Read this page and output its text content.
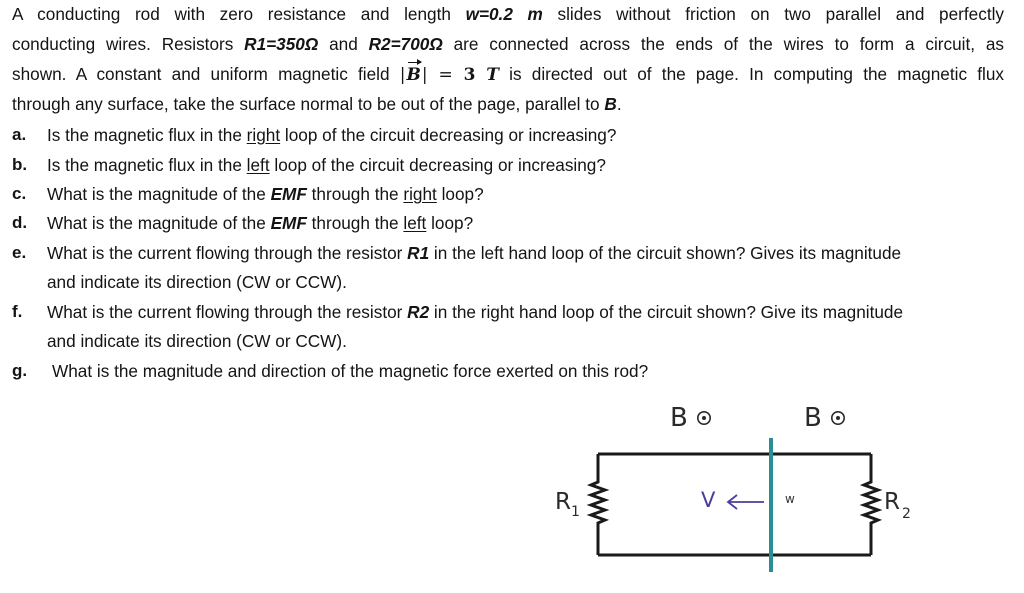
A conducting rod with zero resistance and length w=0.2 m slides without friction on two parallel and perfectly
conducting wires. Resistors R1=350Ω and R2=700Ω are connected across the ends of the wires to form a circuit, as
shown. A constant and uniform magnetic field |B| = 3 T is directed out of the page. In computing the magnetic flux
through any surface, take the surface normal to be out of the page, parallel to B.
a. Is the magnetic flux in the right loop of the circuit decreasing or increasing?
b. Is the magnetic flux in the left loop of the circuit decreasing or increasing?
c. What is the magnitude of the EMF through the right loop?
d. What is the magnitude of the EMF through the left loop?
e. What is the current flowing through the resistor R1 in the left hand loop of the circuit shown? Gives its magnitude
and indicate its direction (CW or CCW).
f. What is the current flowing through the resistor R2 in the right hand loop of the circuit shown? Give its magnitude
and indicate its direction (CW or CCW).
g. What is the magnitude and direction of the magnetic force exerted on this rod?
B	B
$R_1$	R $_2$
V	w
